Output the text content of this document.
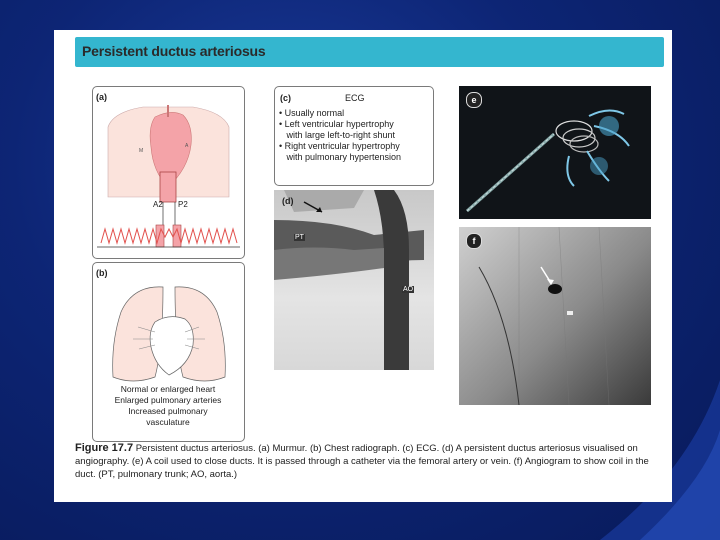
Persistent ductus arteriosus
(a)
M
A
A2 P2
(b)
Normal or enlarged heart
Enlarged pulmonary arteries
Increased pulmonary
vasculature
(c)	ECG
• Usually normal
• Left ventricular hypertrophy
with large left-to-right shunt
• Right ventricular hypertrophy
with pulmonary hypertension
(d)
PT
AO
e
f
Figure 17.7 Persistent ductus arteriosus. (a) Murmur. (b) Chest radiograph. (c) ECG. (d) A persistent ductus arteriosus visualised on angiography. (e) A coil used to close ducts. It is passed through a catheter via the femoral artery or vein. (f) Angiogram to show coil in the duct. (PT, pulmonary trunk; AO, aorta.)
